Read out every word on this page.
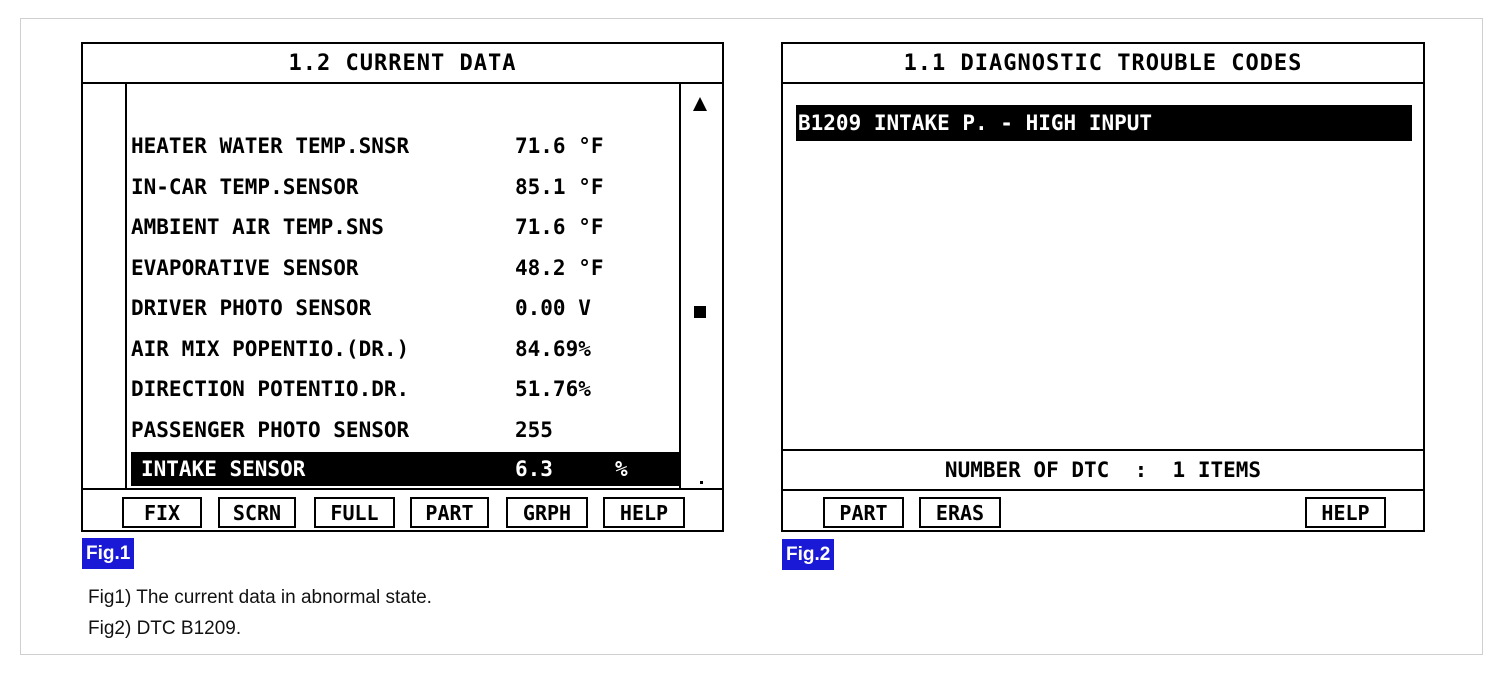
1.2 CURRENT DATA
HEATER WATER TEMP.SNSR	71.6 °F
IN-CAR TEMP.SENSOR	85.1 °F
AMBIENT AIR TEMP.SNS	71.6 °F
EVAPORATIVE SENSOR	48.2 °F
DRIVER PHOTO SENSOR	0.00 V
AIR MIX POPENTIO.(DR.)	84.69%
DIRECTION POTENTIO.DR.	51.76%
PASSENGER PHOTO SENSOR	255
INTAKE SENSOR	6.3	%
FIX	SCRN	FULL	PART	GRPH	HELP
1.1 DIAGNOSTIC TROUBLE CODES
B1209
INTAKE P. - HIGH INPUT
NUMBER OF DTC
:
1 ITEMS
PART	ERAS	HELP
Fig.1	Fig.2
Fig1) The current data in abnormal state.
Fig2) DTC B1209.
